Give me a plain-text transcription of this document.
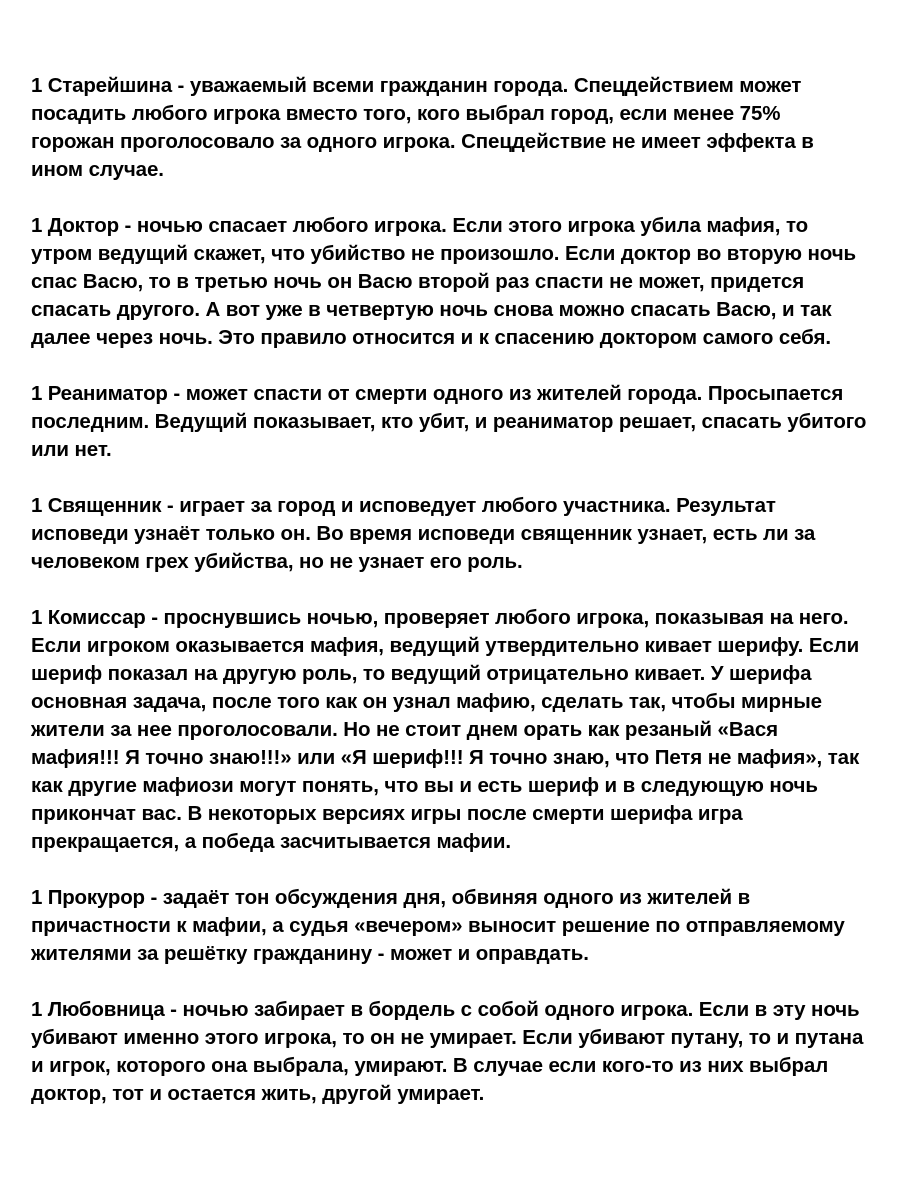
1 Старейшина - уважаемый всеми гражданин города. Спецдействием может посадить любого игрока вместо того, кого выбрал город, если менее 75% горожан проголосовало за одного игрока. Спецдействие не имеет эффекта в ином случае.

1 Доктор - ночью спасает любого игрока. Если этого игрока убила мафия, то утром ведущий скажет, что убийство не произошло. Если доктор во вторую ночь спас Васю, то в третью ночь он Васю второй раз спасти не может, придется спасать другого. А вот уже в четвертую ночь снова можно спасать Васю, и так далее через ночь. Это правило относится и к спасению доктором самого себя.

1 Реаниматор - может спасти от смерти одного из жителей города. Просыпается последним. Ведущий показывает, кто убит, и реаниматор решает, спасать убитого или нет.

1 Священник - играет за город и исповедует любого участника. Результат исповеди узнаёт только он. Во время исповеди священник узнает, есть ли за человеком грех убийства, но не узнает его роль.

1 Комиссар - проснувшись ночью, проверяет любого игрока, показывая на него. Если игроком оказывается мафия, ведущий утвердительно кивает шерифу. Если шериф показал на другую роль, то ведущий отрицательно кивает. У шерифа основная задача, после того как он узнал мафию, сделать так, чтобы мирные жители за нее проголосовали. Но не стоит днем орать как резаный «Вася мафия!!! Я точно знаю!!!» или «Я шериф!!! Я точно знаю, что Петя не мафия», так как другие мафиози могут понять, что вы и есть шериф и в следующую ночь прикончат вас. В некоторых версиях игры после смерти шерифа игра прекращается, а победа засчитывается мафии.

1 Прокурор - задаёт тон обсуждения дня, обвиняя одного из жителей в причастности к мафии, а судья «вечером» выносит решение по отправляемому жителями за решётку гражданину - может и оправдать.

1 Любовница - ночью забирает в бордель с собой одного игрока. Если в эту ночь убивают именно этого игрока, то он не умирает. Если убивают путану, то и путана и игрок, которого она выбрала, умирают. В случае если кого-то из них выбрал доктор, тот и остается жить, другой умирает.
